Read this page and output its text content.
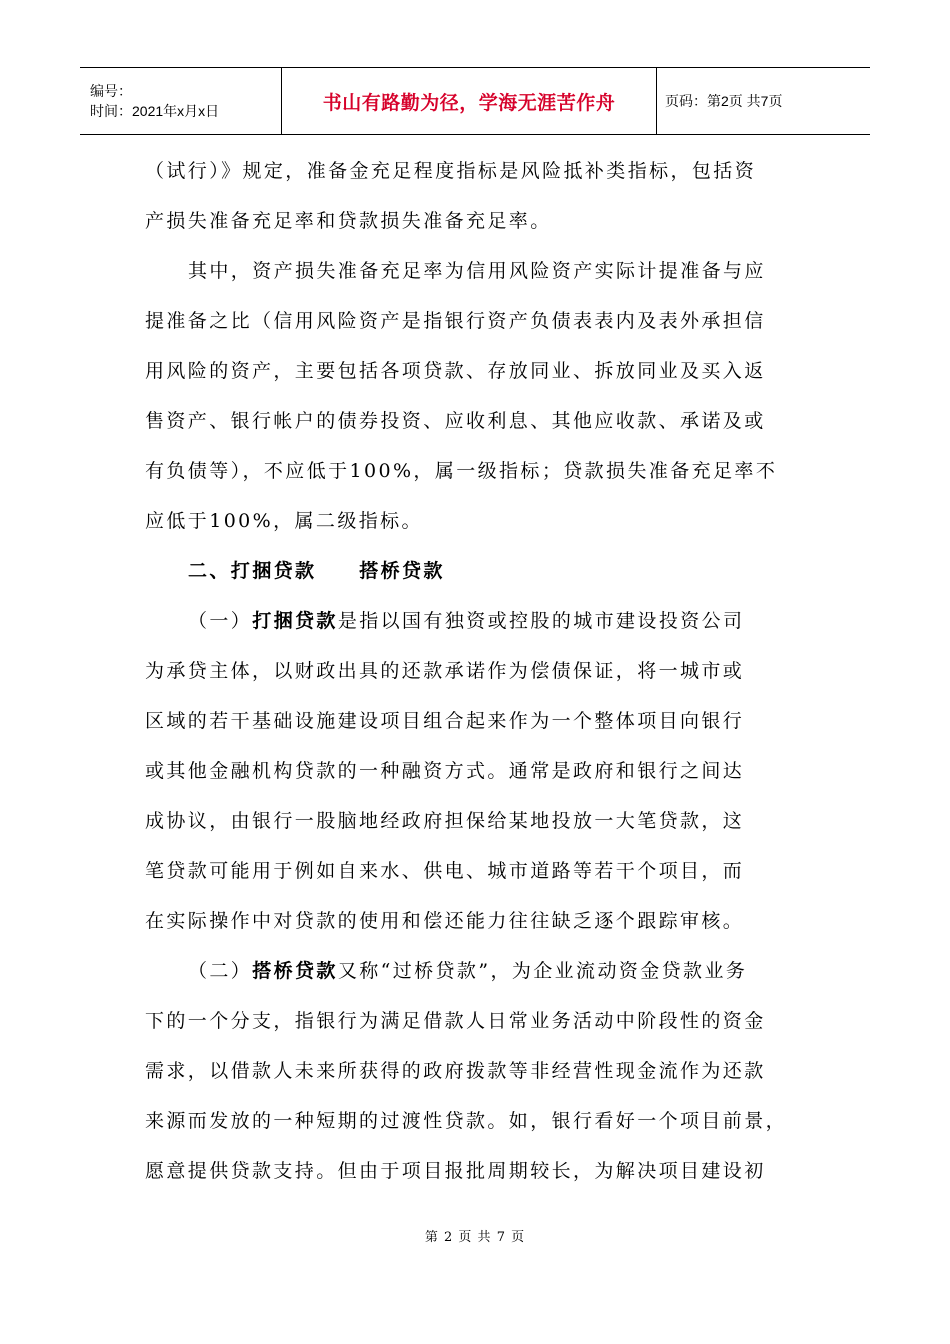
编号：
时间：2021年x月x日	书山有路勤为径，学海无涯苦作舟	页码：第2页 共7页
（试行）》规定，准备金充足程度指标是风险抵补类指标，包括资
产损失准备充足率和贷款损失准备充足率。
其中，资产损失准备充足率为信用风险资产实际计提准备与应
提准备之比（信用风险资产是指银行资产负债表表内及表外承担信
用风险的资产，主要包括各项贷款、存放同业、拆放同业及买入返
售资产、银行帐户的债券投资、应收利息、其他应收款、承诺及或
有负债等），不应低于100%，属一级指标；贷款损失准备充足率不
应低于100%，属二级指标。
二、打捆贷款　　搭桥贷款
（一）打捆贷款是指以国有独资或控股的城市建设投资公司
为承贷主体，以财政出具的还款承诺作为偿债保证，将一城市或
区域的若干基础设施建设项目组合起来作为一个整体项目向银行
或其他金融机构贷款的一种融资方式。通常是政府和银行之间达
成协议，由银行一股脑地经政府担保给某地投放一大笔贷款，这
笔贷款可能用于例如自来水、供电、城市道路等若干个项目，而
在实际操作中对贷款的使用和偿还能力往往缺乏逐个跟踪审核。
（二）搭桥贷款又称“过桥贷款”，为企业流动资金贷款业务
下的一个分支，指银行为满足借款人日常业务活动中阶段性的资金
需求，以借款人未来所获得的政府拨款等非经营性现金流作为还款
来源而发放的一种短期的过渡性贷款。如，银行看好一个项目前景，
愿意提供贷款支持。但由于项目报批周期较长，为解决项目建设初
第 2 页 共 7 页
